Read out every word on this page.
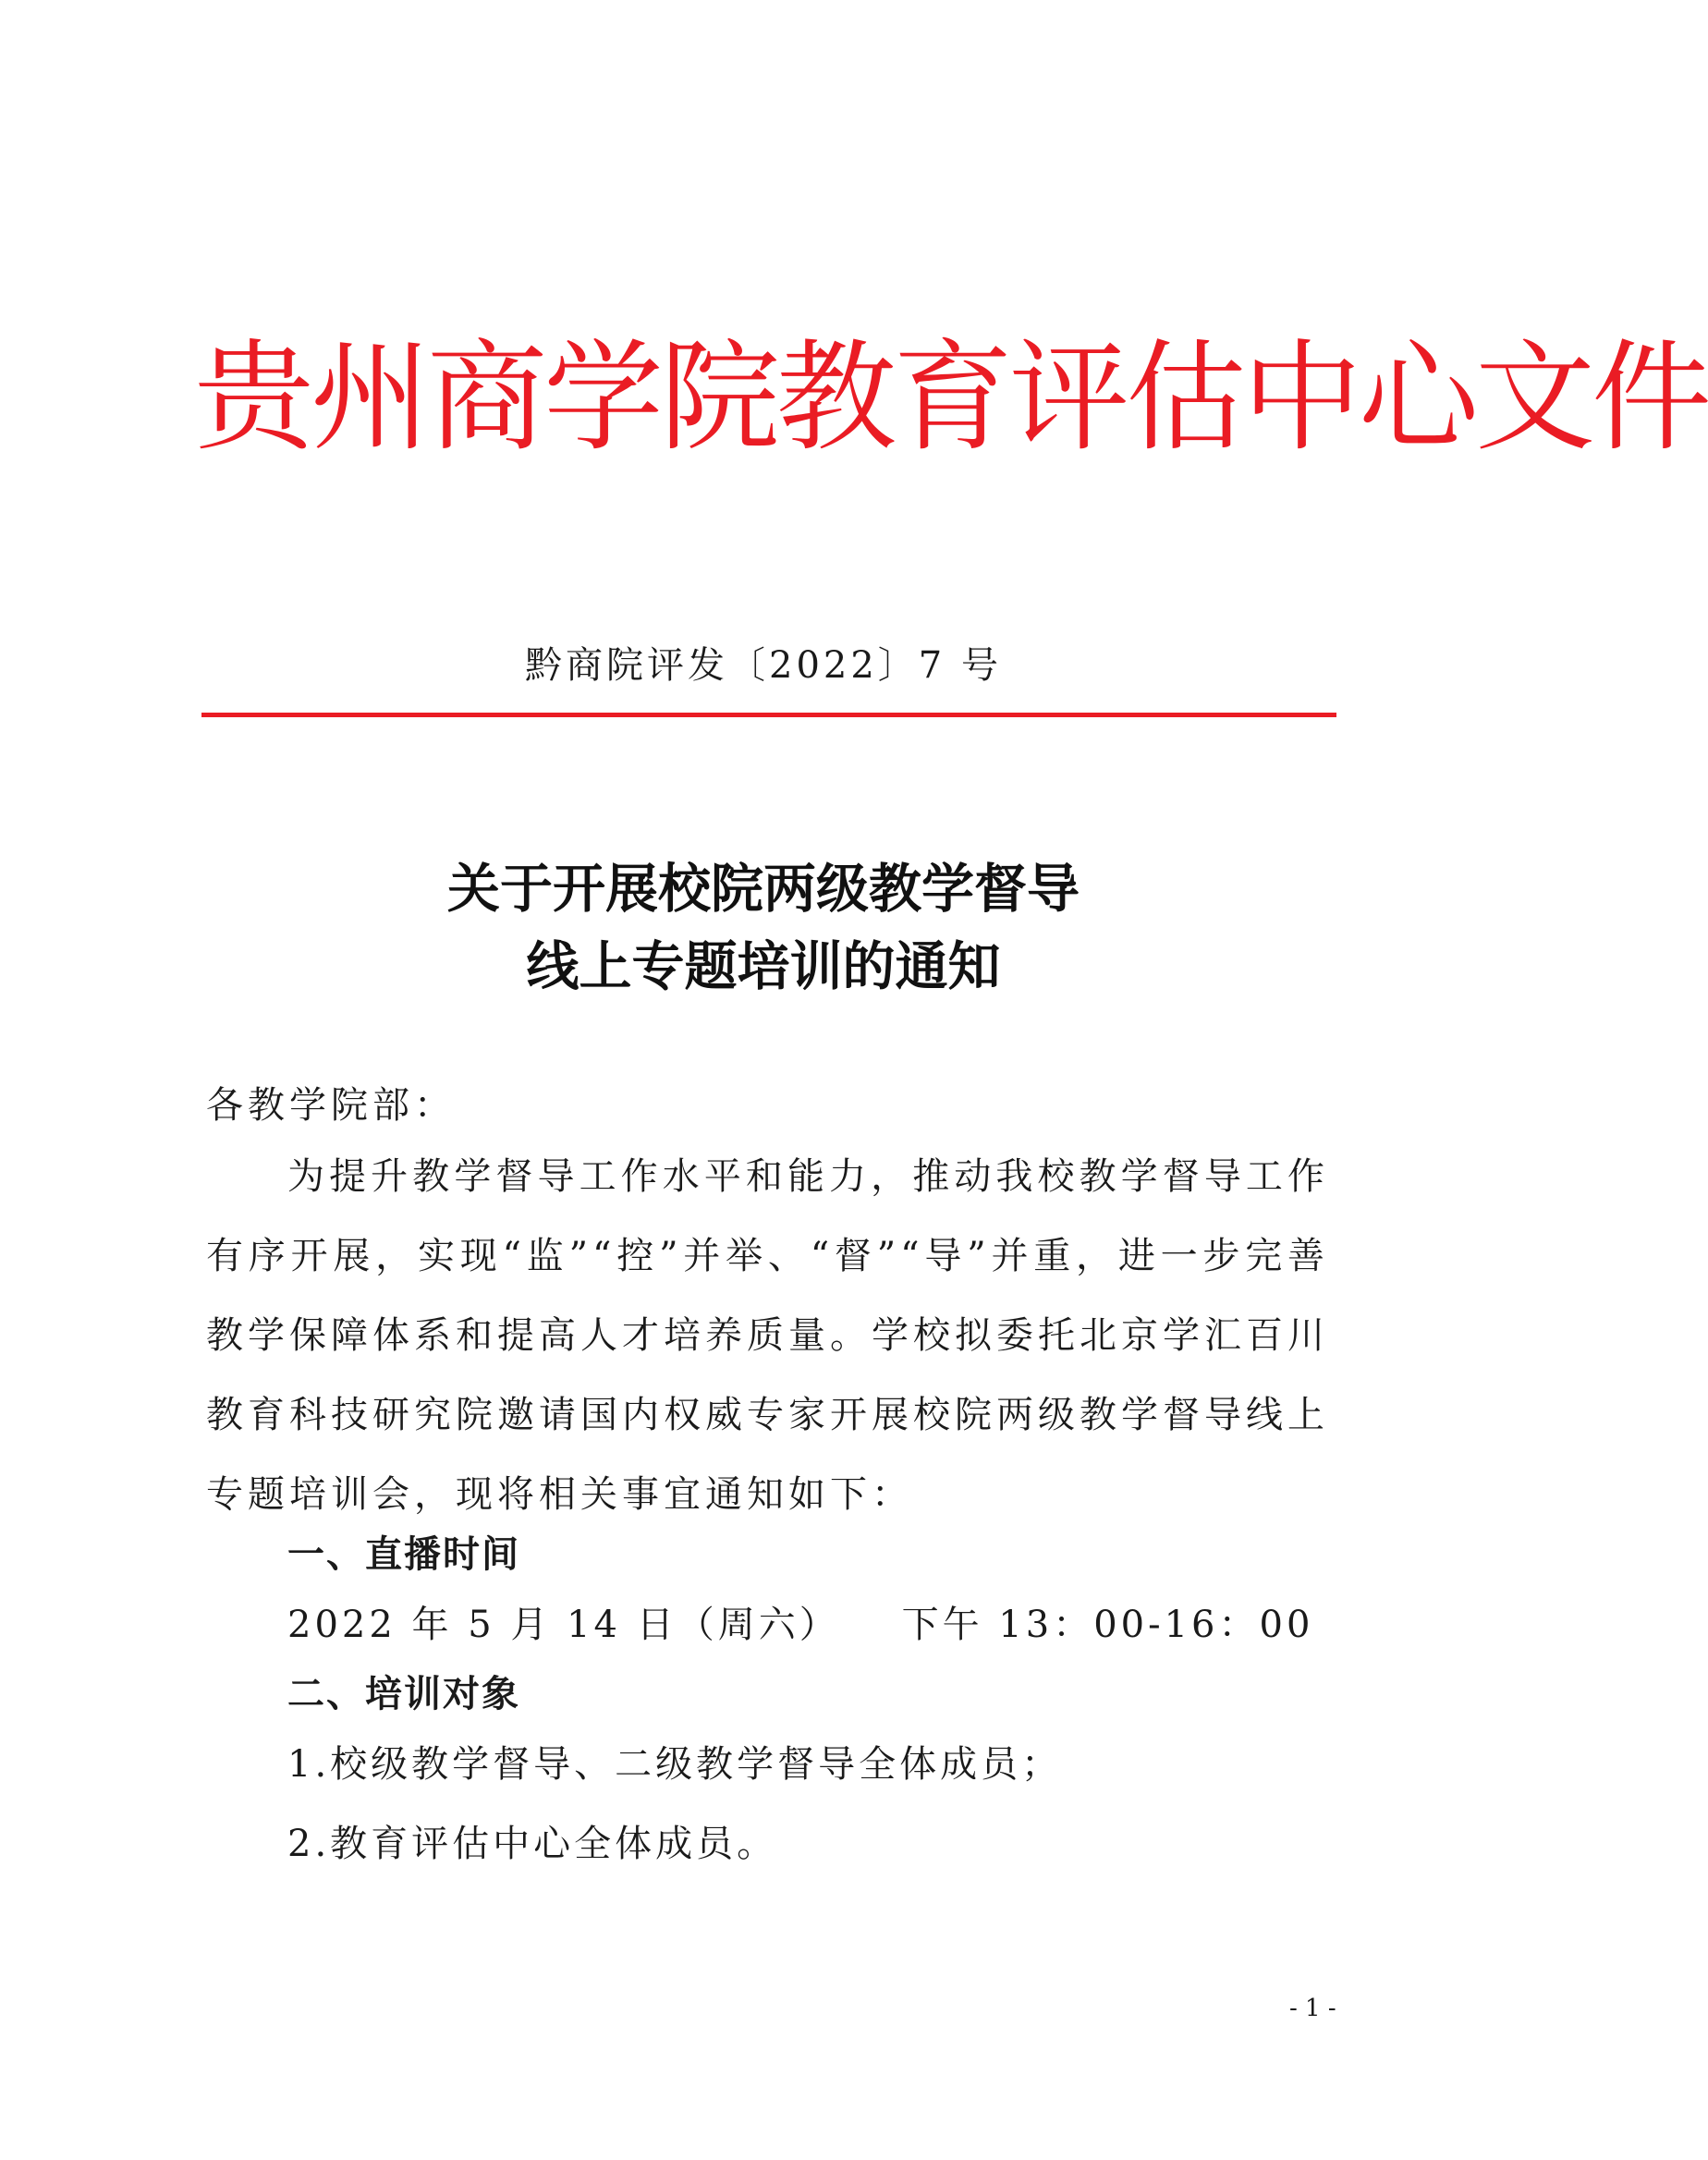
贵州商学院教育评估中心文件
黔商院评发〔2022〕7 号
关于开展校院两级教学督导
线上专题培训的通知
各教学院部：
为提升教学督导工作水平和能力，推动我校教学督导工作有序开展，实现“监”“控”并举、“督”“导”并重，进一步完善教学保障体系和提高人才培养质量。学校拟委托北京学汇百川教育科技研究院邀请国内权威专家开展校院两级教学督导线上专题培训会，现将相关事宜通知如下：
一、直播时间
2022 年 5 月 14 日（周六）    下午 13：00-16：00
二、培训对象
1.校级教学督导、二级教学督导全体成员；
2.教育评估中心全体成员。
- 1 -
